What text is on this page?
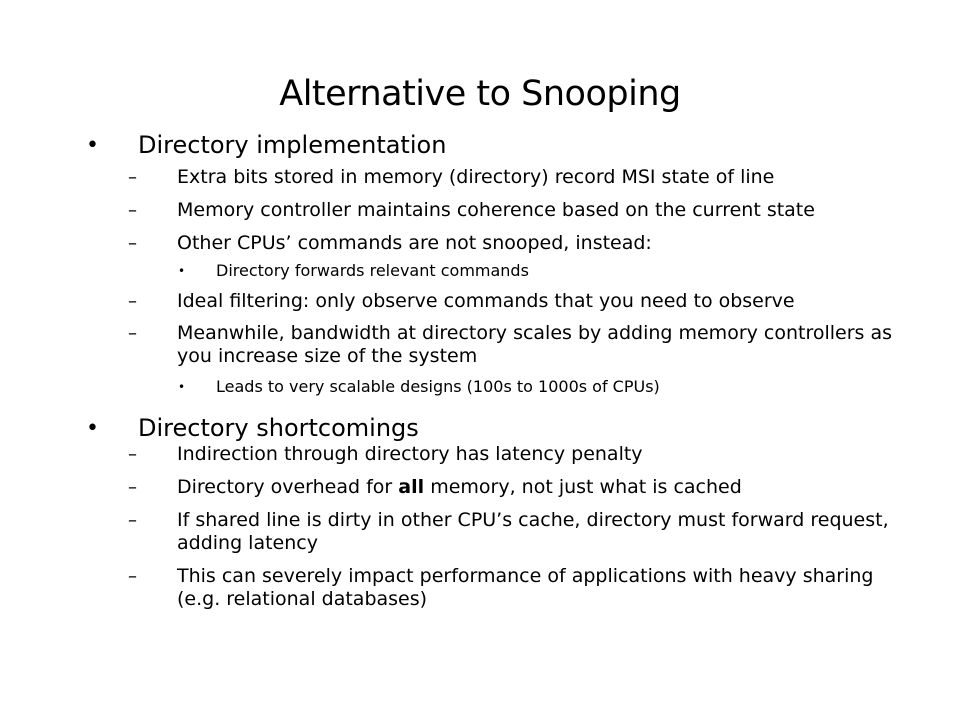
Alternative to Snooping
• Directory implementation
– Extra bits stored in memory (directory) record MSI state of line
– Memory controller maintains coherence based on the current state
– Other CPUs’ commands are not snooped, instead:
• Directory forwards relevant commands
– Ideal filtering: only observe commands that you need to observe
– Meanwhile, bandwidth at directory scales by adding memory controllers as you increase size of the system
• Leads to very scalable designs (100s to 1000s of CPUs)
• Directory shortcomings
– Indirection through directory has latency penalty
– Directory overhead for all memory, not just what is cached
– If shared line is dirty in other CPU’s cache, directory must forward request, adding latency
– This can severely impact performance of applications with heavy sharing (e.g. relational databases)
